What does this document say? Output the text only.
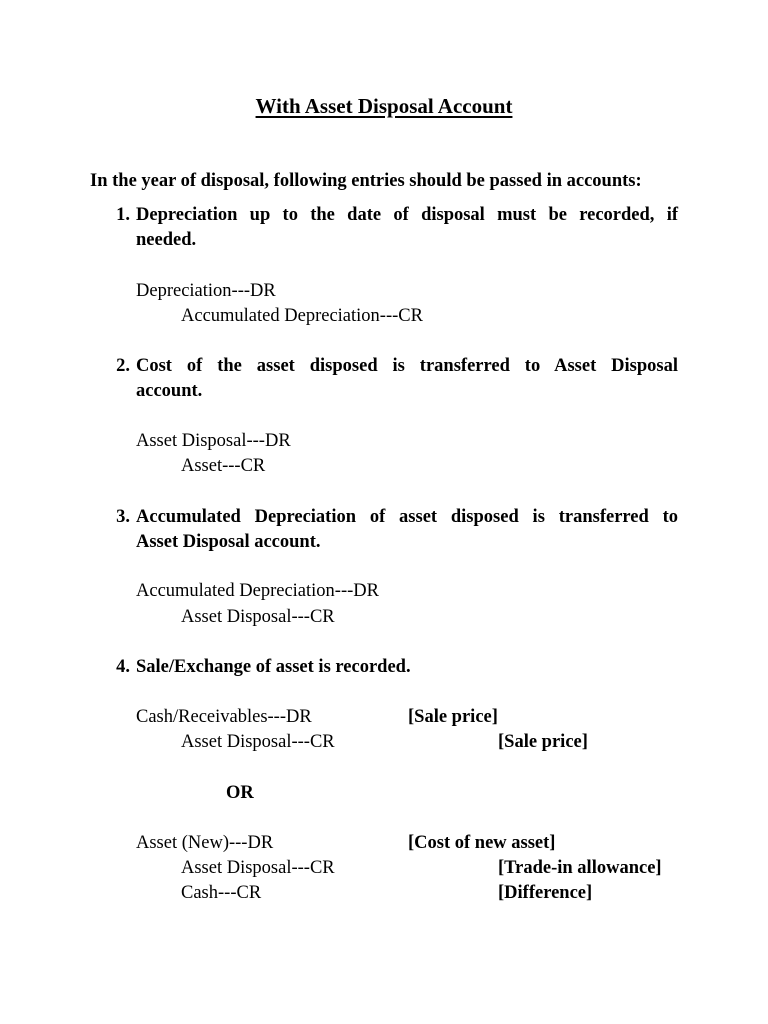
With Asset Disposal Account
In the year of disposal, following entries should be passed in accounts:
1. Depreciation up to the date of disposal must be recorded, if
needed.
Depreciation---DR
Accumulated Depreciation---CR
2. Cost of the asset disposed is transferred to Asset Disposal
account.
Asset Disposal---DR
Asset---CR
3. Accumulated Depreciation of asset disposed is transferred to
Asset Disposal account.
Accumulated Depreciation---DR
Asset Disposal---CR
4. Sale/Exchange of asset is recorded.
Cash/Receivables---DR	[Sale price]
Asset Disposal---CR	[Sale price]
OR
Asset (New)---DR	[Cost of new asset]
Asset Disposal---CR	[Trade-in allowance]
Cash---CR	[Difference]
